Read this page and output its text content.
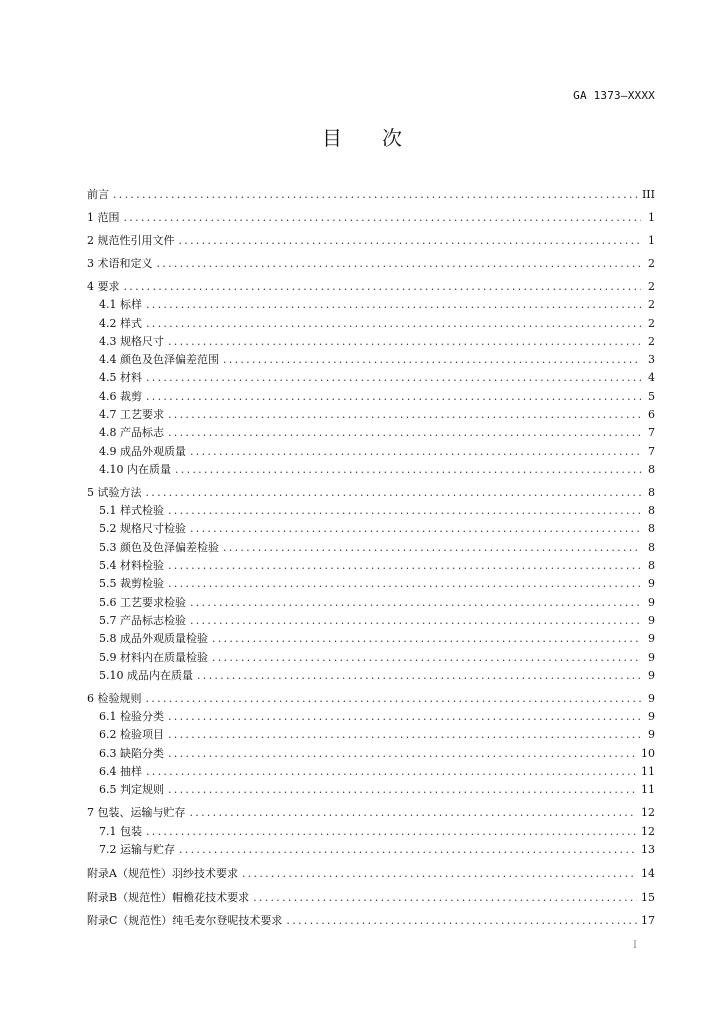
GA 1373—XXXX
目次
前言 .....	III
1 范围 .....	1
2 规范性引用文件 .....	1
3 术语和定义 .....	2
4 要求 .....	2
4.1 标样 .....	2
4.2 样式 .....	2
4.3 规格尺寸 .....	2
4.4 颜色及色泽偏差范围 .....	3
4.5 材料 .....	4
4.6 裁剪 .....	5
4.7 工艺要求 .....	6
4.8 产品标志 .....	7
4.9 成品外观质量 .....	7
4.10 内在质量 .....	8
5 试验方法 .....	8
5.1 样式检验 .....	8
5.2 规格尺寸检验 .....	8
5.3 颜色及色泽偏差检验 .....	8
5.4 材料检验 .....	8
5.5 裁剪检验 .....	9
5.6 工艺要求检验 .....	9
5.7 产品标志检验 .....	9
5.8 成品外观质量检验 .....	9
5.9 材料内在质量检验 .....	9
5.10 成品内在质量 .....	9
6 检验规则 .....	9
6.1 检验分类 .....	9
6.2 检验项目 .....	9
6.3 缺陷分类 .....	10
6.4 抽样 .....	11
6.5 判定规则 .....	11
7 包装、运输与贮存 .....	12
7.1 包装 .....	12
7.2 运输与贮存 .....	13
附录A（规范性）羽纱技术要求 .....	14
附录B（规范性）帽檐花技术要求 .....	15
附录C（规范性）纯毛麦尔登呢技术要求 .....	17
I
